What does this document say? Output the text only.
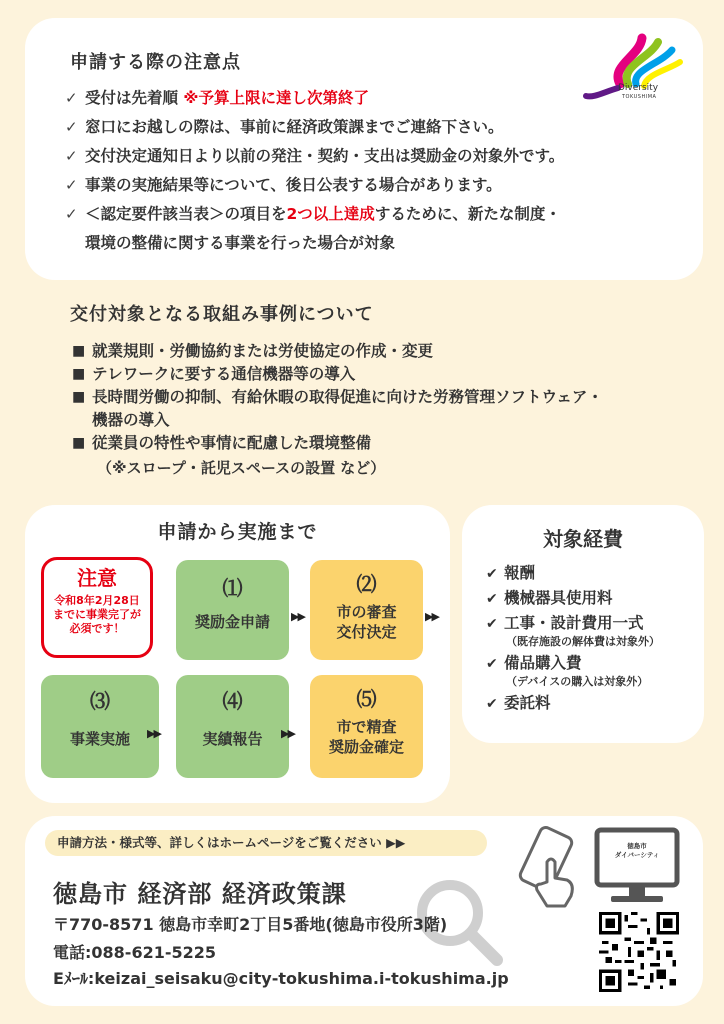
申請する際の注意点
Diversity
TOKUSHIMA
✓ 受付は先着順 ※予算上限に達し次第終了
✓ 窓口にお越しの際は、事前に経済政策課までご連絡下さい。
✓ 交付決定通知日より以前の発注・契約・支出は奨励金の対象外です。
✓ 事業の実施結果等について、後日公表する場合があります。
✓ ＜認定要件該当表＞の項目を2つ以上達成するために、新たな制度・
環境の整備に関する事業を行った場合が対象
交付対象となる取組み事例について
■ 就業規則・労働協約または労使協定の作成・変更
■ テレワークに要する通信機器等の導入
■ 長時間労働の抑制、有給休暇の取得促進に向けた労務管理ソフトウェア・
機器の導入
■ 従業員の特性や事情に配慮した環境整備
（※スロープ・託児スペースの設置 など）
申請から実施まで
注意
令和8年2月28日
までに事業完了が
必須です！
⑴
奨励金申請	▶▶
⑵
市の審査
交付決定
▶▶
⑶
事業実施	▶▶
⑷
実績報告	▶▶
⑸
市で精査
奨励金確定
対象経費
✔ 報酬
✔ 機械器具使用料
✔ 工事・設計費用一式
（既存施設の解体費は対象外）
✔ 備品購入費
（デバイスの購入は対象外）
✔ 委託料
申請方法・様式等、詳しくはホームページをご覧ください ▶▶	徳島市
ダイバーシティ
徳島市 経済部 経済政策課
〒770-8571 徳島市幸町2丁目5番地(徳島市役所3階)
電話:088-621-5225
Eﾒｰﾙ:keizai_seisaku@city-tokushima.i-tokushima.jp
